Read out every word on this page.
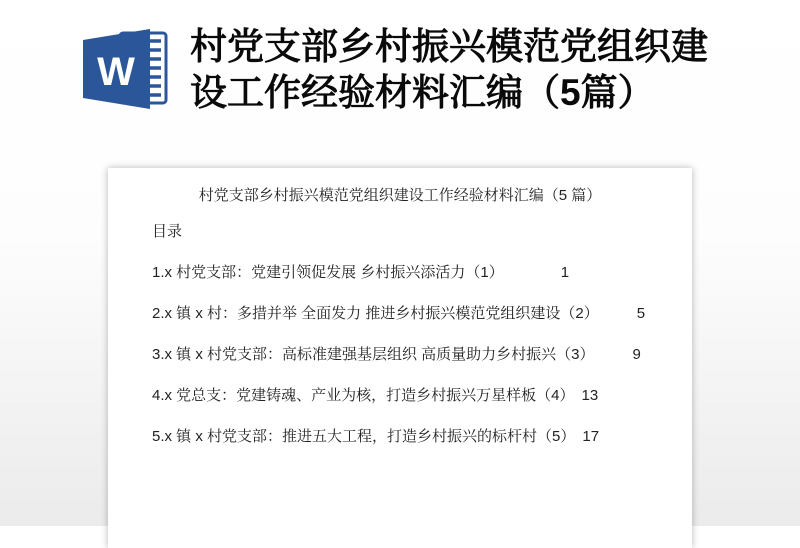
W
村党支部乡村振兴模范党组织建设工作经验材料汇编（5篇）
村党支部乡村振兴模范党组织建设工作经验材料汇编（5 篇）
目录
1.x 村党支部：党建引领促发展 乡村振兴添活力（1）	1
2.x 镇 x 村：多措并举 全面发力 推进乡村振兴模范党组织建设（2）	5
3.x 镇 x 村党支部：高标准建强基层组织 高质量助力乡村振兴（3）	9
4.x 党总支：党建铸魂、产业为核，打造乡村振兴万星样板（4） 13
5.x 镇 x 村党支部：推进五大工程，打造乡村振兴的标杆村（5） 17
